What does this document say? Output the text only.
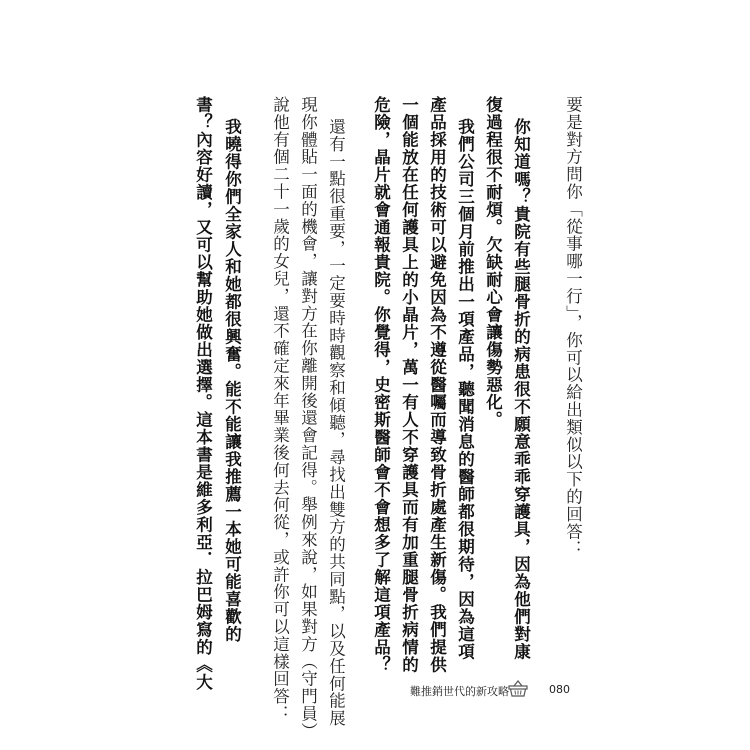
要是對方問你「從事哪一行」，你可以給出類似以下的回答：
你知道嗎？貴院有些腿骨折的病患很不願意乖乖穿護具，因為他們對康
復過程很不耐煩。欠缺耐心會讓傷勢惡化。
我們公司三個月前推出一項產品，聽聞消息的醫師都很期待，因為這項
產品採用的技術可以避免因為不遵從醫囑而導致骨折處產生新傷。我們提供
一個能放在任何護具上的小晶片，萬一有人不穿護具而有加重腿骨折病情的
危險，晶片就會通報貴院。你覺得，史密斯醫師會不會想多了解這項產品？
還有一點很重要，一定要時時觀察和傾聽，尋找出雙方的共同點，以及任何能展
現你體貼一面的機會，讓對方在你離開後還會記得。舉例來說，如果對方（守門員）
說他有個二十一歲的女兒，還不確定來年畢業後何去何從，或許你可以這樣回答：
我曉得你們全家人和她都很興奮。能不能讓我推薦一本她可能喜歡的
書？內容好讀，又可以幫助她做出選擇。這本書是維多利亞．拉巴姆寫的《大
難推銷世代的新攻略	080
